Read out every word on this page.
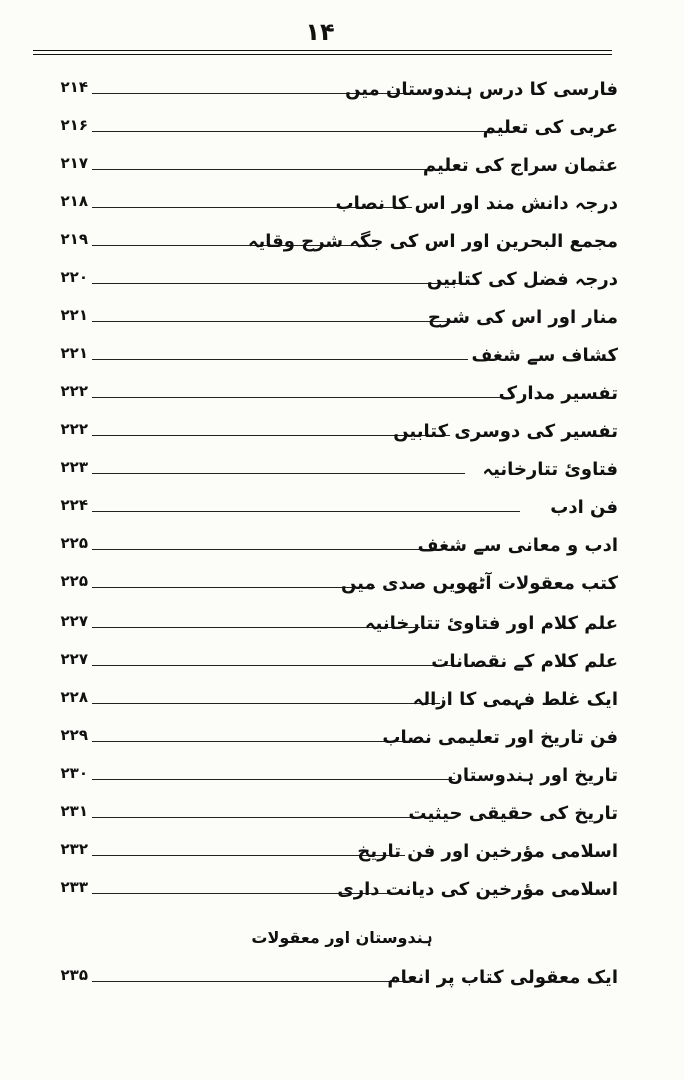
۱۴
۲۱۴	فارسی کا درس ہندوستان میں
۲۱۶	عربی کی تعلیم
۲۱۷	عثمان سراج کی تعلیم
۲۱۸	درجہ دانش مند اور اس کا نصاب
۲۱۹	مجمع البحرین اور اس کی جگہ شرح وقایہ
۲۲۰	درجہ فضل کی کتابیں
۲۲۱	منار اور اس کی شرح
۲۲۱	کشاف سے شغف
۲۲۲	تفسیر مدارک
۲۲۲	تفسیر کی دوسری کتابیں
۲۲۳	فتاوئ تتارخانیہ
۲۲۴	فن ادب
۲۲۵	ادب و معانی سے شغف
۲۲۵	کتب معقولات آٹھویں صدی میں
۲۲۷	علم کلام اور فتاوئ تتارخانیہ
۲۲۷	علم کلام کے نقصانات
۲۲۸	ایک غلط فہمی کا ازالہ
۲۲۹	فن تاریخ اور تعلیمی نصاب
۲۳۰	تاریخ اور ہندوستان
۲۳۱	تاریخ کی حقیقی حیثیت
۲۳۲	اسلامی مؤرخین اور فن تاریخ
۲۳۳	اسلامی مؤرخین کی دیانت داری
۲۳۵	ایک معقولی کتاب پر انعام
ہندوستان اور معقولات
